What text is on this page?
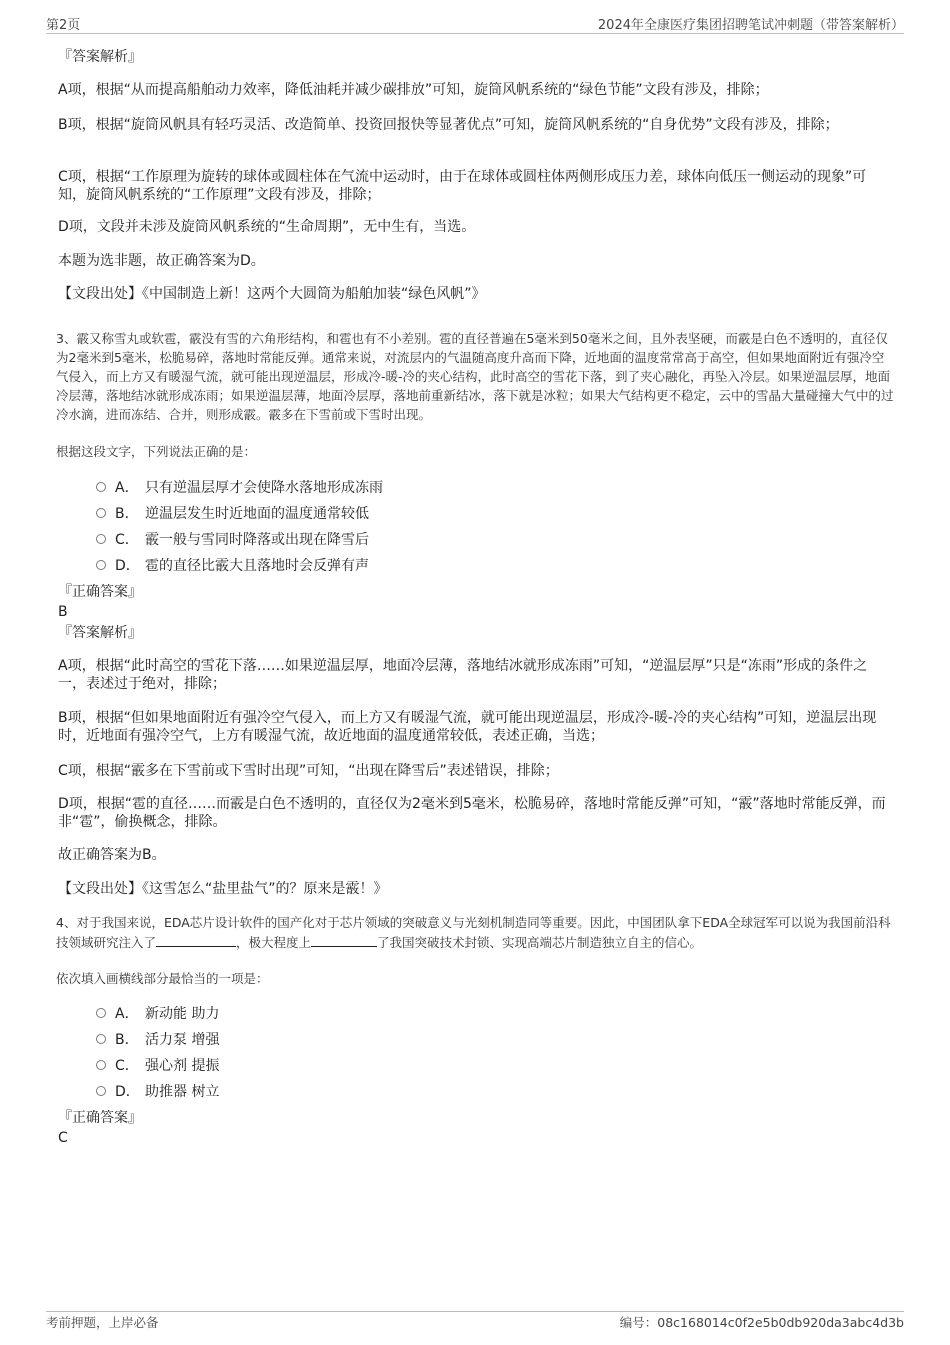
第2页	2024年全康医疗集团招聘笔试冲刺题（带答案解析）
『答案解析』
A项，根据“从而提高船舶动力效率，降低油耗并减少碳排放”可知，旋筒风帆系统的“绿色节能”文段有涉及，排除；
B项，根据“旋筒风帆具有轻巧灵活、改造简单、投资回报快等显著优点”可知，旋筒风帆系统的“自身优势”文段有涉及，排除；
C项，根据“工作原理为旋转的球体或圆柱体在气流中运动时，由于在球体或圆柱体两侧形成压力差，球体向低压一侧运动的现象”可知，旋筒风帆系统的“工作原理”文段有涉及，排除；
D项，文段并未涉及旋筒风帆系统的“生命周期”，无中生有，当选。
本题为选非题，故正确答案为D。
【文段出处】《中国制造上新！这两个大圆筒为船舶加装“绿色风帆”》
3、霰又称雪丸或软雹，霰没有雪的六角形结构，和雹也有不小差别。雹的直径普遍在5毫米到50毫米之间，且外表坚硬，而霰是白色不透明的，直径仅为2毫米到5毫米，松脆易碎，落地时常能反弹。通常来说，对流层内的气温随高度升高而下降，近地面的温度常常高于高空，但如果地面附近有强冷空气侵入，而上方又有暖湿气流，就可能出现逆温层，形成冷-暖-冷的夹心结构，此时高空的雪花下落，到了夹心融化，再坠入冷层。如果逆温层厚，地面冷层薄，落地结冰就形成冻雨；如果逆温层薄，地面冷层厚，落地前重新结冰，落下就是冰粒；如果大气结构更不稳定，云中的雪晶大量碰撞大气中的过冷水滴，进而冻结、合并，则形成霰。霰多在下雪前或下雪时出现。
根据这段文字，下列说法正确的是：
A． 只有逆温层厚才会使降水落地形成冻雨
B． 逆温层发生时近地面的温度通常较低
C． 霰一般与雪同时降落或出现在降雪后
D． 雹的直径比霰大且落地时会反弹有声
『正确答案』
B
『答案解析』
A项，根据“此时高空的雪花下落……如果逆温层厚，地面冷层薄，落地结冰就形成冻雨”可知，“逆温层厚”只是“冻雨”形成的条件之一，表述过于绝对，排除；
B项，根据“但如果地面附近有强冷空气侵入，而上方又有暖湿气流，就可能出现逆温层，形成冷-暖-冷的夹心结构”可知，逆温层出现时，近地面有强冷空气，上方有暖湿气流，故近地面的温度通常较低，表述正确，当选；
C项，根据“霰多在下雪前或下雪时出现”可知，“出现在降雪后”表述错误，排除；
D项，根据“雹的直径……而霰是白色不透明的，直径仅为2毫米到5毫米，松脆易碎，落地时常能反弹”可知，“霰”落地时常能反弹，而非“雹”，偷换概念，排除。
故正确答案为B。
【文段出处】《这雪怎么“盐里盐气”的？原来是霰！》
4、对于我国来说，EDA芯片设计软件的国产化对于芯片领域的突破意义与光刻机制造同等重要。因此，中国团队拿下EDA全球冠军可以说为我国前沿科技领域研究注入了	，极大程度上	了我国突破技术封锁、实现高端芯片制造独立自主的信心。
依次填入画横线部分最恰当的一项是：
A． 新动能 助力
B． 活力泵 增强
C． 强心剂 提振
D． 助推器 树立
『正确答案』
C
考前押题，上岸必备	编号：08c168014c0f2e5b0db920da3abc4d3b
